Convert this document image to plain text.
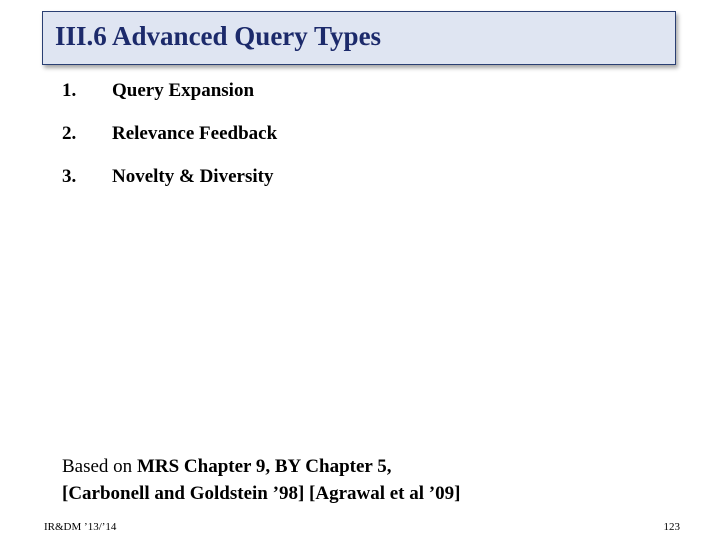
III.6 Advanced Query Types
1.	Query Expansion
2.	Relevance Feedback
3.	Novelty & Diversity
Based on MRS Chapter 9, BY Chapter 5,
[Carbonell and Goldstein ’98] [Agrawal et al ’09]
IR&DM ’13/’14	123
